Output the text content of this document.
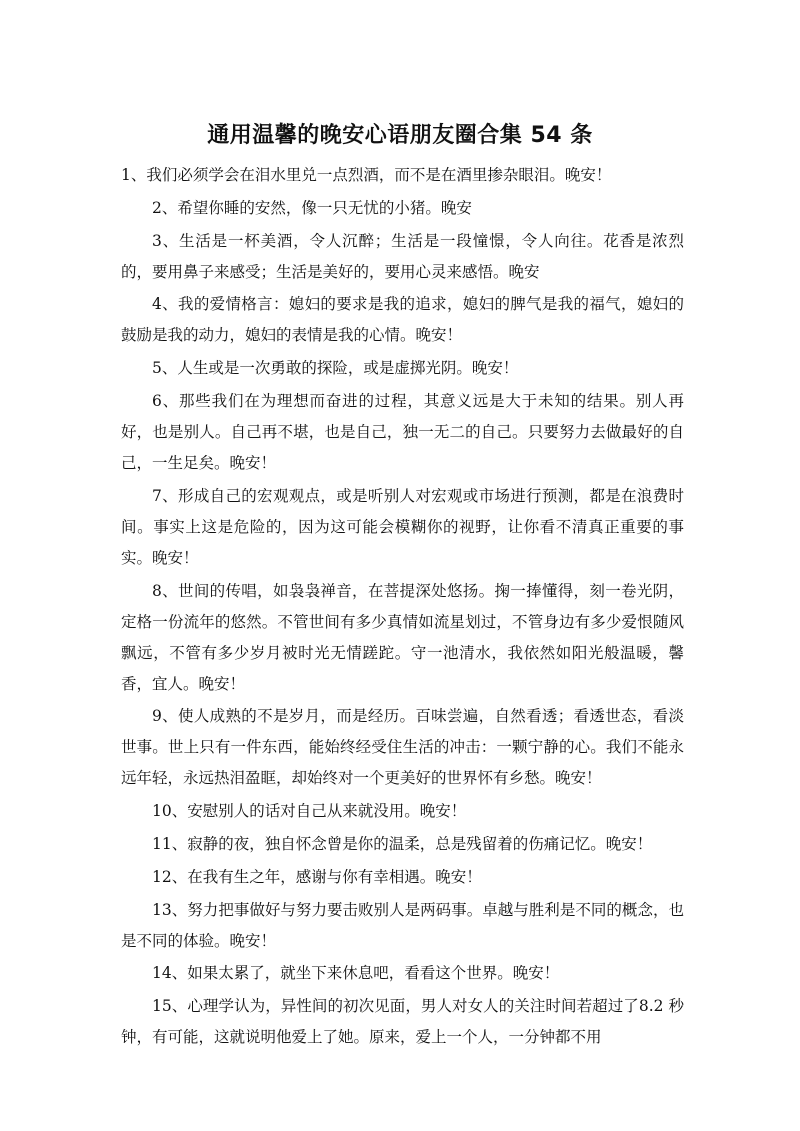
通用温馨的晚安心语朋友圈合集 54 条

1、我们必须学会在泪水里兑一点烈酒，而不是在酒里掺杂眼泪。晚安！

2、希望你睡的安然，像一只无忧的小猪。晚安

3、生活是一杯美酒，令人沉醉；生活是一段憧憬，令人向往。花香是浓烈的，要用鼻子来感受；生活是美好的，要用心灵来感悟。晚安

4、我的爱情格言：媳妇的要求是我的追求，媳妇的脾气是我的福气，媳妇的鼓励是我的动力，媳妇的表情是我的心情。晚安！

5、人生或是一次勇敢的探险，或是虚掷光阴。晚安！

6、那些我们在为理想而奋进的过程，其意义远是大于未知的结果。别人再好，也是别人。自己再不堪，也是自己，独一无二的自己。只要努力去做最好的自己，一生足矣。晚安！

7、形成自己的宏观观点，或是听别人对宏观或市场进行预测，都是在浪费时间。事实上这是危险的，因为这可能会模糊你的视野，让你看不清真正重要的事实。晚安！

8、世间的传唱，如袅袅禅音，在菩提深处悠扬。掬一捧懂得，刻一卷光阴，定格一份流年的悠然。不管世间有多少真情如流星划过，不管身边有多少爱恨随风飘远，不管有多少岁月被时光无情蹉跎。守一池清水，我依然如阳光般温暖，馨香，宜人。晚安！

9、使人成熟的不是岁月，而是经历。百味尝遍，自然看透；看透世态，看淡世事。世上只有一件东西，能始终经受住生活的冲击：一颗宁静的心。我们不能永远年轻，永远热泪盈眶，却始终对一个更美好的世界怀有乡愁。晚安！

10、安慰别人的话对自己从来就没用。晚安！

11、寂静的夜，独自怀念曾是你的温柔，总是残留着的伤痛记忆。晚安！

12、在我有生之年，感谢与你有幸相遇。晚安！

13、努力把事做好与努力要击败别人是两码事。卓越与胜利是不同的概念，也是不同的体验。晚安！

14、如果太累了，就坐下来休息吧，看看这个世界。晚安！

15、心理学认为，异性间的初次见面，男人对女人的关注时间若超过了8.2 秒钟，有可能，这就说明他爱上了她。原来，爱上一个人，一分钟都不用
